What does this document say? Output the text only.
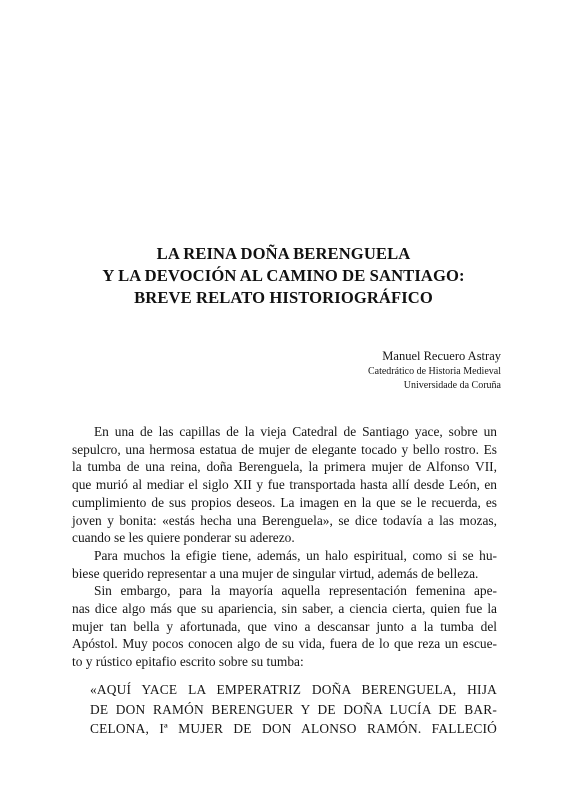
LA REINA DOÑA BERENGUELA
Y LA DEVOCIÓN AL CAMINO DE SANTIAGO:
BREVE RELATO HISTORIOGRÁFICO
Manuel Recuero Astray
Catedrático de Historia Medieval
Universidade da Coruña
En una de las capillas de la vieja Catedral de Santiago yace, sobre un
sepulcro, una hermosa estatua de mujer de elegante tocado y bello rostro. Es
la tumba de una reina, doña Berenguela, la primera mujer de Alfonso VII,
que murió al mediar el siglo XII y fue transportada hasta allí desde León, en
cumplimiento de sus propios deseos. La imagen en la que se le recuerda, es
joven y bonita: «estás hecha una Berenguela», se dice todavía a las mozas,
cuando se les quiere ponderar su aderezo.
Para muchos la efigie tiene, además, un halo espiritual, como si se hu-
biese querido representar a una mujer de singular virtud, además de belleza.
Sin embargo, para la mayoría aquella representación femenina ape-
nas dice algo más que su apariencia, sin saber, a ciencia cierta, quien fue la
mujer tan bella y afortunada, que vino a descansar junto a la tumba del
Apóstol. Muy pocos conocen algo de su vida, fuera de lo que reza un escue-
to y rústico epitafio escrito sobre su tumba:
«AQUÍ YACE LA EMPERATRIZ DOÑA BERENGUELA, HIJA
DE DON RAMÓN BERENGUER Y DE DOÑA LUCÍA DE BAR-
CELONA, Iª MUJER DE DON ALONSO RAMÓN. FALLECIÓ
